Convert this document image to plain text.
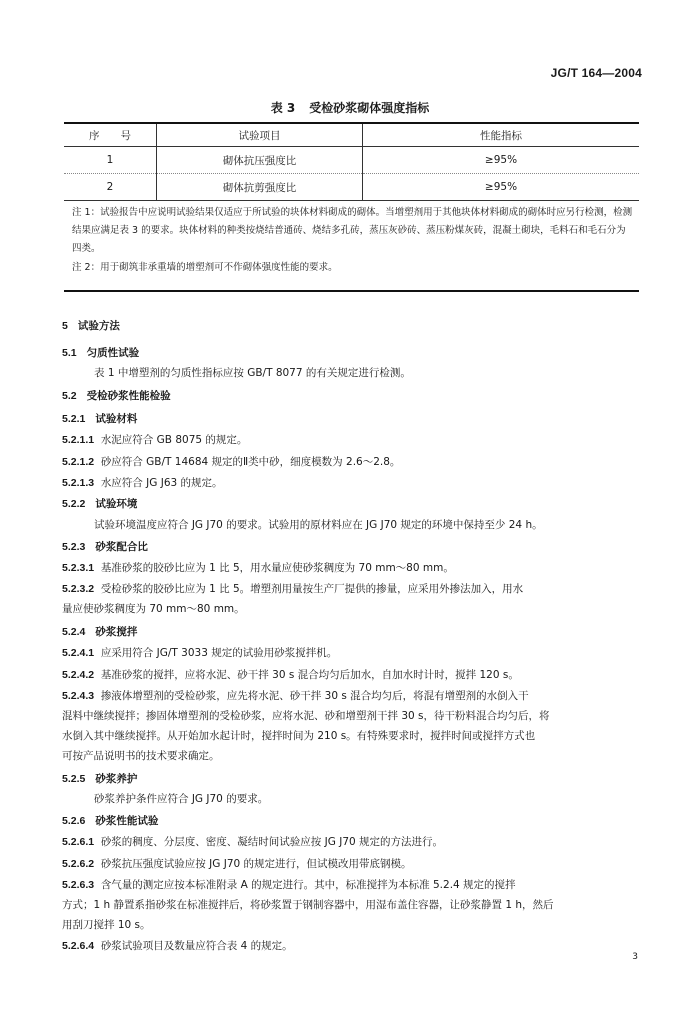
JG/T 164—2004
表 3 受检砂浆砌体强度指标
序　　号	试验项目	性能指标
1	砌体抗压强度比	≥95%
2	砌体抗剪强度比	≥95%
注 1：试验报告中应说明试验结果仅适应于所试验的块体材料砌成的砌体。当增塑剂用于其他块体材料砌成的砌体时应另行检测，检测结果应满足表 3 的要求。块体材料的种类按烧结普通砖、烧结多孔砖，蒸压灰砂砖、蒸压粉煤灰砖，混凝土砌块，毛料石和毛石分为四类。
注 2：用于砌筑非承重墙的增塑剂可不作砌体强度性能的要求。
5 试验方法
5.1 匀质性试验
表 1 中增塑剂的匀质性指标应按 GB/T 8077 的有关规定进行检测。
5.2 受检砂浆性能检验
5.2.1 试验材料
5.2.1.1 水泥应符合 GB 8075 的规定。
5.2.1.2 砂应符合 GB/T 14684 规定的Ⅱ类中砂，细度模数为 2.6～2.8。
5.2.1.3 水应符合 JG J63 的规定。
5.2.2 试验环境
试验环境温度应符合 JG J70 的要求。试验用的原材料应在 JG J70 规定的环境中保持至少 24 h。
5.2.3 砂浆配合比
5.2.3.1 基准砂浆的胶砂比应为 1 比 5，用水量应使砂浆稠度为 70 mm～80 mm。
5.2.3.2 受检砂浆的胶砂比应为 1 比 5。增塑剂用量按生产厂提供的掺量，应采用外掺法加入，用水
量应使砂浆稠度为 70 mm～80 mm。
5.2.4 砂浆搅拌
5.2.4.1 应采用符合 JG/T 3033 规定的试验用砂浆搅拌机。
5.2.4.2 基准砂浆的搅拌，应将水泥、砂干拌 30 s 混合均匀后加水，自加水时计时，搅拌 120 s。
5.2.4.3 掺液体增塑剂的受检砂浆，应先将水泥、砂干拌 30 s 混合均匀后，将混有增塑剂的水倒入干
混料中继续搅拌；掺固体增塑剂的受检砂浆，应将水泥、砂和增塑剂干拌 30 s，待干粉料混合均匀后，将
水倒入其中继续搅拌。从开始加水起计时，搅拌时间为 210 s。有特殊要求时，搅拌时间或搅拌方式也
可按产品说明书的技术要求确定。
5.2.5 砂浆养护
砂浆养护条件应符合 JG J70 的要求。
5.2.6 砂浆性能试验
5.2.6.1 砂浆的稠度、分层度、密度、凝结时间试验应按 JG J70 规定的方法进行。
5.2.6.2 砂浆抗压强度试验应按 JG J70 的规定进行，但试模改用带底钢模。
5.2.6.3 含气量的测定应按本标准附录 A 的规定进行。其中，标准搅拌为本标准 5.2.4 规定的搅拌
方式；1 h 静置系指砂浆在标准搅拌后，将砂浆置于钢制容器中，用湿布盖住容器，让砂浆静置 1 h，然后
用刮刀搅拌 10 s。
5.2.6.4 砂浆试验项目及数量应符合表 4 的规定。
3
